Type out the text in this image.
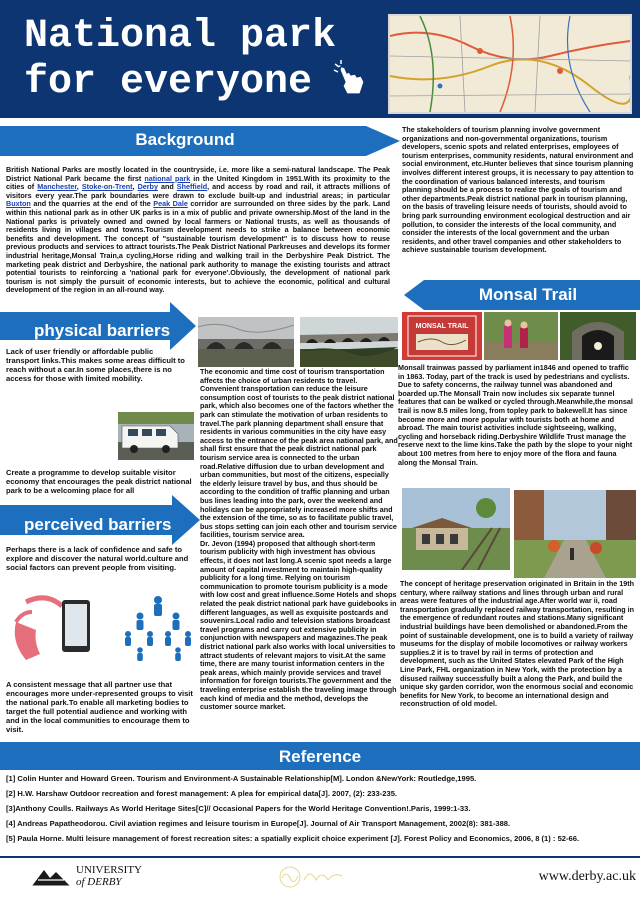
National park
for everyone
Background
British National Parks are mostly located in the countryside, i.e. more like a semi-natural landscape. The Peak District National Park became the first national park in the United Kingdom in 1951.With its proximity to the cities of Manchester, Stoke-on-Trent, Derby and Sheffield, and access by road and rail, it attracts millions of visitors every year.The park boundaries were drawn to exclude built-up and industrial areas; in particular Buxton and the quarries at the end of the Peak Dale corridor are surrounded on three sides by the park. Land within this national park as in other UK parks is in a mix of public and private ownership.Most of the land in the National parks is privately owned and owned by local farmers or National trusts, as well as thousands of residents living in villages and towns.Tourism development needs to strike a balance between economic benefits and development. The concept of "sustainable tourism development" is to discuss how to reuse previous products and services to attract tourists.The Peak District National Parkreuses and develops its former industrial heritage,Monsal Train,a cycling,Horse riding and walking trail in the Derbyshire Peak District. The marketing peak district and Derbyshire, the national park authority to manage the existing tourists and attract potential tourists to reinforcing a 'national park for everyone'.Obviously, the development of national park tourism is not simply the pursuit of economic interests, but to achieve the economic, political and cultural development of the region in an all-round way.
The stakeholders of tourism planning involve government organizations and non-governmental organizations, tourism developers, scenic spots and related enterprises, employees of tourism enterprises, community residents, natural environment and social environment, etc.Hunter believes that since tourism planning involves different interest groups, it is necessary to pay attention to the coordination of various balanced interests, and tourism planning should be a process to realize the goals of tourism and other departments.Peak district national park in tourism planning, on the basis of traveling leisure needs of tourists, should avoid to bring park surrounding environment ecological destruction and air pollution, to consider the interests of the local community, and consider the interests of the local government and the urban residents, and other travel companies and other stakeholders to achieve sustainable tourism development.
Monsal Trail
physical barriers
Lack of user friendly or affordable public transport links.This makes some areas difficult to reach without a car.In some places,there is no access for those with limited mobility.
Create a programme to develop suitable visitor economy that encourages the peak district national park to be a welcoming place for all
perceived barriers
Perhaps there is a lack of confidence and safe to explore and discover the natural world.culture and social factors can prevent people from visiting.
A consistent message that all partner use that encourages more under-represented groups to visit the national park.To enable all marketing bodies to target the full potential audience and working with and in the local communities to encourage them to visit.
The economic and time cost of tourism transportation affects the choice of urban residents to travel. Convenient transportation can reduce the leisure consumption cost of tourists to the peak district national park, which also becomes one of the factors whether the park can stimulate the motivation of urban residents to travel.The park planning department shall ensure that residents in various communities in the city have easy access to the entrance of the peak area national park, and shall first ensure that the peak district national park tourism service area is connected to the urban road.Relative diffusion due to urban development and urban communities, but most of the citizens, especially the elderly leisure travel by bus, and thus should be according to the condition of traffic planning and urban bus lines leading into the park, over the weekend and holidays can be appropriately increased more shifts and the extension of the time, so as to facilitate public travel, bus stops setting can join each other and tourism service facilities, tourism service area.
Dr. Jevon (1994) proposed that although short-term tourism publicity with high investment has obvious effects, it does not last long.A scenic spot needs a large amount of capital investment to maintain high-quality publicity for a long time. Relying on tourism communication to promote tourism publicity is a mode with low cost and great influence.Some Hotels and shops related the peak district national park have guidebooks in different languages, as well as exquisite postcards and souvenirs.Local radio and television stations broadcast travel programs and carry out extensive publicity in conjunction with newspapers and magazines.The peak district national park also works with local universities to attract students of relevant majors to visit.At the same time, there are many tourist information centers in the peak areas, which mainly provide services and travel information for foreign tourists.The government and the traveling enterprise establish the traveling image through each kind of media and the method, develops the customer source market.
MONSAL TRAIL
Monsall trainwas passed by parliament in1846 and opened to traffic in 1863. Today, part of the track is used by pedestrians and cyclists. Due to safety concerns, the railway tunnel was abandoned and boarded up.The Monsall Train now includes six separate tunnel features that can be walked or cycled through.Meanwhile,the monsal trail is now 8.5 miles long, from topley park to bakewell.It has since become more and more popular with tourists both at home and abroad. The main tourist activities include sightseeing, walking, cycling and horseback riding.Derbyshire Wildlife Trust manage the reserve next to the lime kins.Take the path by the slope to your night about 100 metres from here to enjoy more of the flora and fauna along the Monsal Train.
The concept of heritage preservation originated in Britain in the 19th century, where railway stations and lines through urban and rural areas were features of the industrial age.After world war ii, road transportation gradually replaced railway transportation, resulting in the emergence of redundant routes and stations.Many significant industrial buildings have been demolished or abandoned.From the point of sustainable development, one is to build a variety of railway museums for the display of mobile locomotives or railway workers supplies.2 it is to travel by rail in terms of protection and development, such as the United States elevated Park of the High Line Park, FHL organization in New York, with the protection by a disused railway successfully built a along the Park, and build the unique sky garden corridor, won the enormous social and economic benefits for New York, to become an international design and reconstruction of old model.
Reference
[1] Colin Hunter and Howard Green. Tourism and Environment-A Sustainable Relationship[M]. London &NewYork: Routledge,1995.
[2] H.W. Harshaw Outdoor recreation and forest management: A plea for empirical data[J]. 2007, (2): 233-235.
[3]Anthony Coulls. Railways As World Heritage Sites[C]// Occasional Papers for the World Heritage Convention!.Paris, 1999:1-33.
[4] Andreas Papatheodorou. Civil aviation regimes and leisure tourism in Europe[J]. Journal of Air Transport Management, 2002(8): 381-388.
[5] Paula Horne. Multi leisure management of forest recreation sites: a spatially explicit choice experiment [J]. Forest Policy and Economics, 2006, 8 (1) : 52-66.
UNIVERSITY
of DERBY	www.derby.ac.uk
